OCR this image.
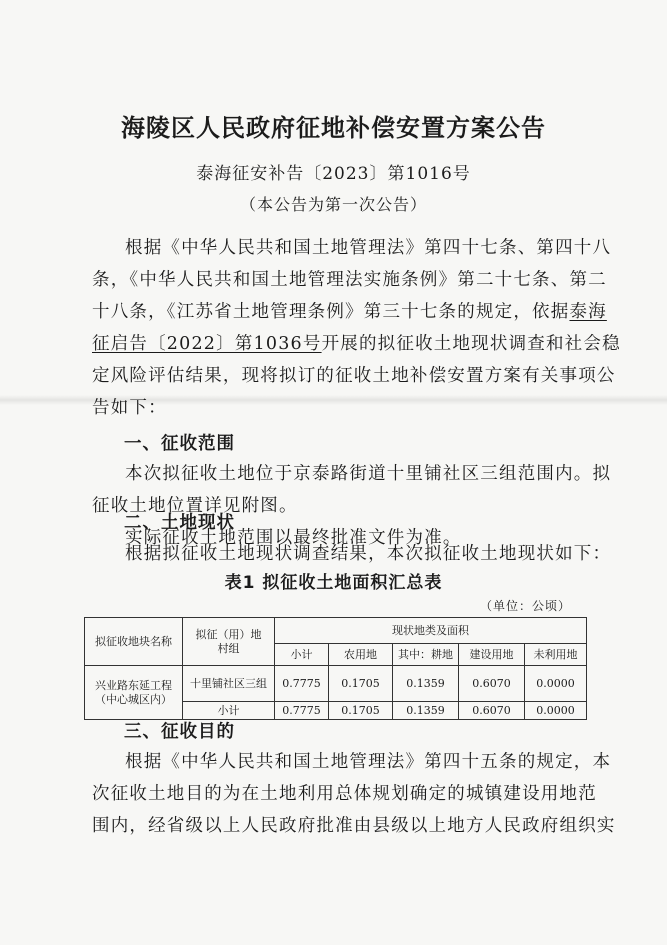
海陵区人民政府征地补偿安置方案公告
泰海征安补告〔2023〕第1016号
（本公告为第一次公告）
根据《中华人民共和国土地管理法》第四十七条、第四十八
条，《中华人民共和国土地管理法实施条例》第二十七条、第二
十八条，《江苏省土地管理条例》第三十七条的规定，依据泰海
征启告〔2022〕第1036号开展的拟征收土地现状调查和社会稳
定风险评估结果，现将拟订的征收土地补偿安置方案有关事项公
告如下：
一、征收范围
本次拟征收土地位于京泰路街道十里铺社区三组范围内。拟
征收土地位置详见附图。
实际征收土地范围以最终批准文件为准。
表1 拟征收土地面积汇总表
（单位：公顷）
拟征收地块名称	拟征（用）地村组	现状地类及面积				
		小计	农用地	其中：耕地	建设用地	未利用地
兴业路东延工程（中心城区内）	十里铺社区三组	0.7775	0.1705	0.1359	0.6070	0.0000
	小计	0.7775	0.1705	0.1359	0.6070	0.0000
三、征收目的
根据《中华人民共和国土地管理法》第四十五条的规定，本
次征收土地目的为在土地利用总体规划确定的城镇建设用地范
围内，经省级以上人民政府批准由县级以上地方人民政府组织实
二、土地现状
根据拟征收土地现状调查结果，本次拟征收土地现状如下：
